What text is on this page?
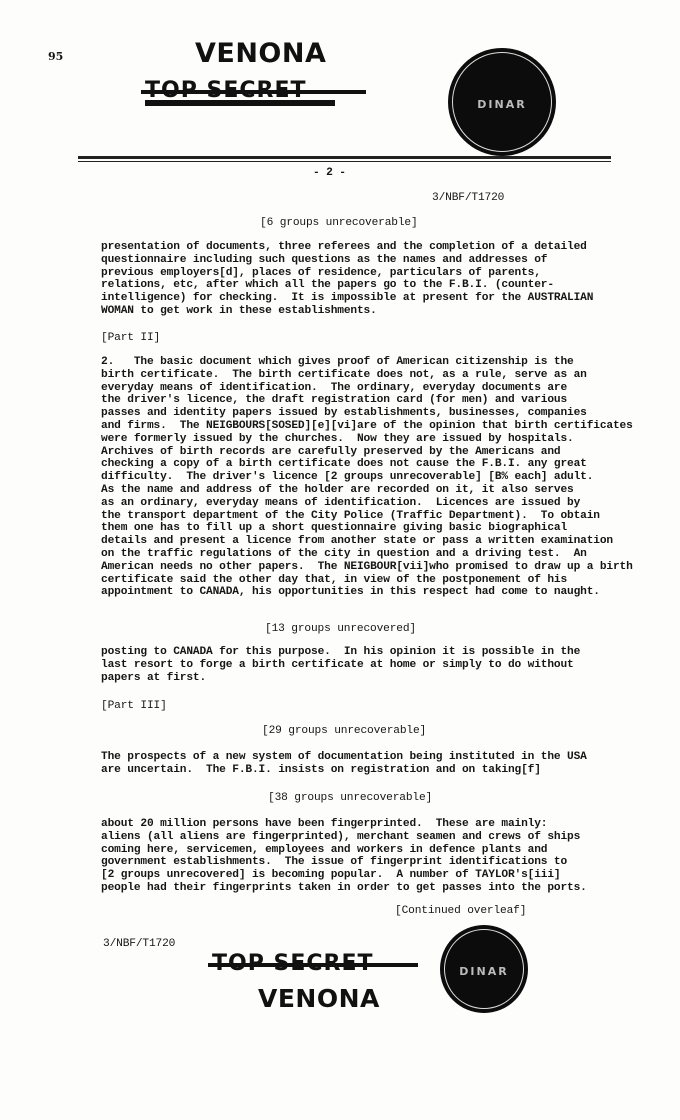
95	VENONA
DINAR
- 2 -
3/NBF/T1720
[6 groups unrecoverable]
presentation of documents, three referees and the completion of a detailed
questionnaire including such questions as the names and addresses of
previous employers[d], places of residence, particulars of parents,
relations, etc, after which all the papers go to the F.B.I. (counter-
intelligence) for checking.  It is impossible at present for the AUSTRALIAN
WOMAN to get work in these establishments.
[Part II]
2.   The basic document which gives proof of American citizenship is the
birth certificate.  The birth certificate does not, as a rule, serve as an
everyday means of identification.  The ordinary, everyday documents are
the driver's licence, the draft registration card (for men) and various
passes and identity papers issued by establishments, businesses, companies
and firms.  The NEIGBOURS[SOSED][e][vi]are of the opinion that birth certificates
were formerly issued by the churches.  Now they are issued by hospitals.
Archives of birth records are carefully preserved by the Americans and
checking a copy of a birth certificate does not cause the F.B.I. any great
difficulty.  The driver's licence [2 groups unrecoverable] [B% each] adult.
As the name and address of the holder are recorded on it, it also serves
as an ordinary, everyday means of identification.  Licences are issued by
the transport department of the City Police (Traffic Department).  To obtain
them one has to fill up a short questionnaire giving basic biographical
details and present a licence from another state or pass a written examination
on the traffic regulations of the city in question and a driving test.  An
American needs no other papers.  The NEIGBOUR[vii]who promised to draw up a birth
certificate said the other day that, in view of the postponement of his
appointment to CANADA, his opportunities in this respect had come to naught.
[13 groups unrecovered]
posting to CANADA for this purpose.  In his opinion it is possible in the
last resort to forge a birth certificate at home or simply to do without
papers at first.
[Part III]
[29 groups unrecoverable]
The prospects of a new system of documentation being instituted in the USA
are uncertain.  The F.B.I. insists on registration and on taking[f]
[38 groups unrecoverable]
about 20 million persons have been fingerprinted.  These are mainly:
aliens (all aliens are fingerprinted), merchant seamen and crews of ships
coming here, servicemen, employees and workers in defence plants and
government establishments.  The issue of fingerprint identifications to
[2 groups unrecovered] is becoming popular.  A number of TAYLOR's[iii]
people had their fingerprints taken in order to get passes into the ports.
[Continued overleaf]
DINAR
3/NBF/T1720
VENONA
